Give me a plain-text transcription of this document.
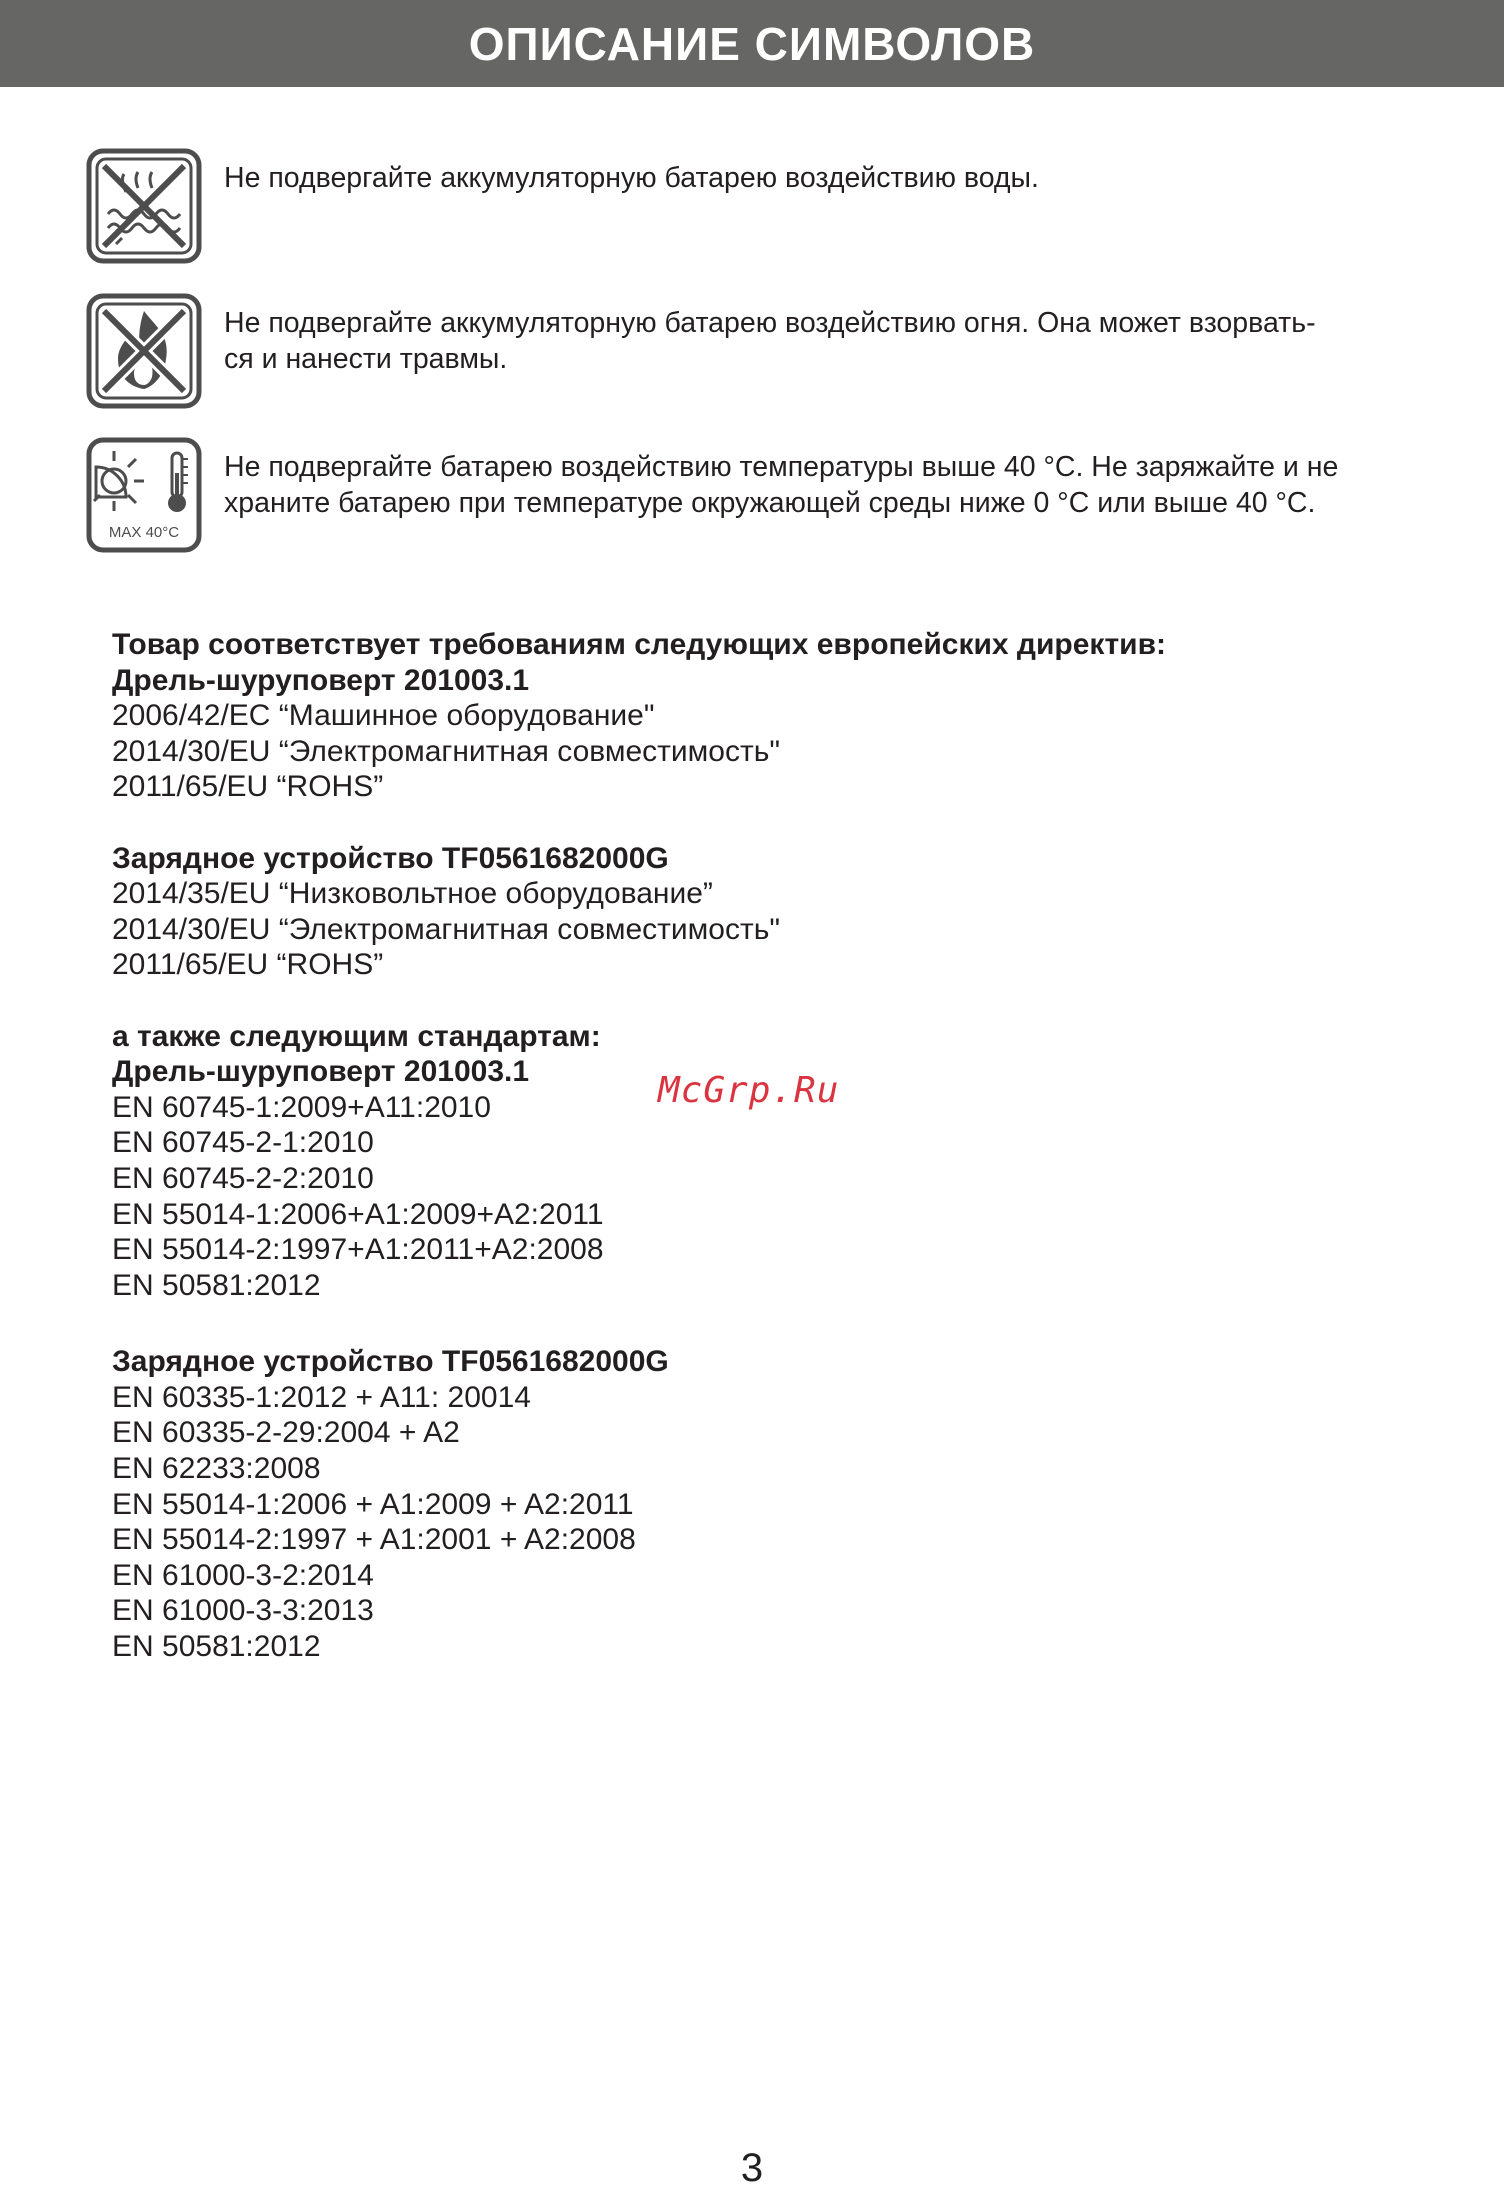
ОПИСАНИЕ СИМВОЛОВ
Не подвергайте аккумуляторную батарею воздействию воды.
Не подвергайте аккумуляторную батарею воздействию огня. Она может взорвать-
ся и нанести травмы.
MAX 40°C
Не подвергайте батарею воздействию температуры выше 40 °С. Не заряжайте и не
храните батарею при температуре окружающей среды ниже 0 °С или выше 40 °С.
Товар соответствует требованиям следующих европейских директив:
Дрель-шуруповерт 201003.1
2006/42/EC “Машинное оборудование"
2014/30/EU “Электромагнитная совместимость"
2011/65/EU “ROHS”
Зарядное устройство TF0561682000G
2014/35/EU “Низковольтное оборудование”
2014/30/EU “Электромагнитная совместимость"
2011/65/EU “ROHS”
а также следующим стандартам:
Дрель-шуруповерт 201003.1
EN 60745-1:2009+A11:2010
EN 60745-2-1:2010
EN 60745-2-2:2010
EN 55014-1:2006+A1:2009+A2:2011
EN 55014-2:1997+A1:2011+A2:2008
EN 50581:2012
Зарядное устройство TF0561682000G
EN 60335-1:2012 + A11: 20014
EN 60335-2-29:2004 + A2
EN 62233:2008
EN 55014-1:2006 + A1:2009 + A2:2011
EN 55014-2:1997 + A1:2001 + A2:2008
EN 61000-3-2:2014
EN 61000-3-3:2013
EN 50581:2012
McGrp.Ru
3
